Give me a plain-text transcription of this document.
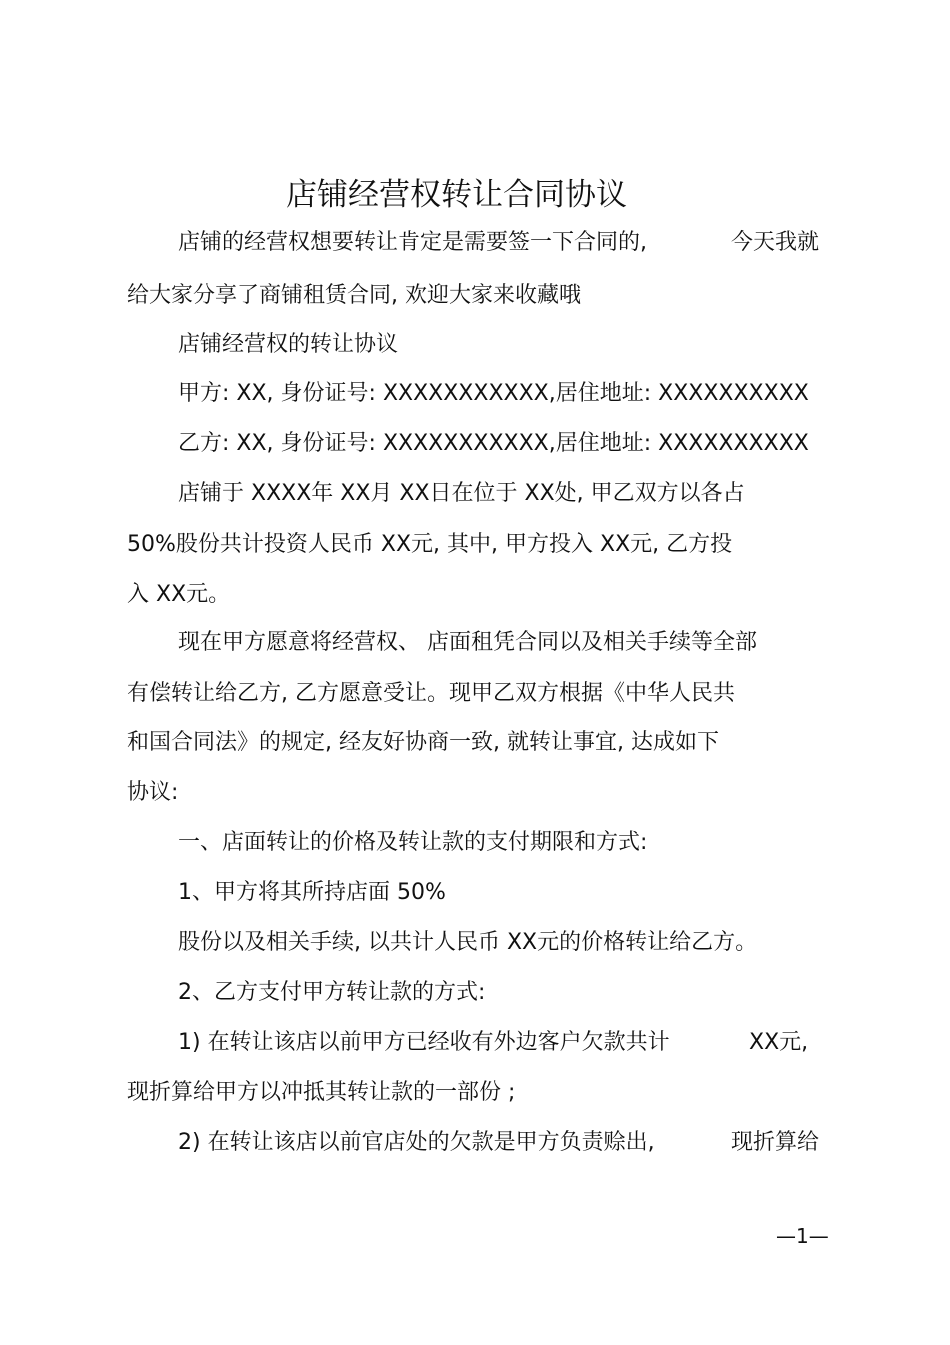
店铺经营权转让合同协议
店铺的经营权想要转让肯定是需要签一下合同的,	今天我就
给大家分享了商铺租赁合同, 欢迎大家来收藏哦
店铺经营权的转让协议
甲方: XX, 身份证号: XXXXXXXXXXX,居住地址: XXXXXXXXXX
乙方: XX, 身份证号: XXXXXXXXXXX,居住地址: XXXXXXXXXX
店铺于 XXXX年 XX月 XX日在位于 XX处, 甲乙双方以各占
50%股份共计投资人民币 XX元, 其中, 甲方投入 XX元, 乙方投
入 XX元。
现在甲方愿意将经营权、 店面租凭合同以及相关手续等全部
有偿转让给乙方, 乙方愿意受让。现甲乙双方根据《中华人民共
和国合同法》的规定, 经友好协商一致, 就转让事宜, 达成如下
协议:
一、店面转让的价格及转让款的支付期限和方式:
1、甲方将其所持店面 50%
股份以及相关手续, 以共计人民币 XX元的价格转让给乙方。
2、乙方支付甲方转让款的方式:
1) 在转让该店以前甲方已经收有外边客户欠款共计	XX元,
现折算给甲方以冲抵其转让款的一部份 ;
2) 在转让该店以前官店处的欠款是甲方负责赊出,	现折算给
—1—
